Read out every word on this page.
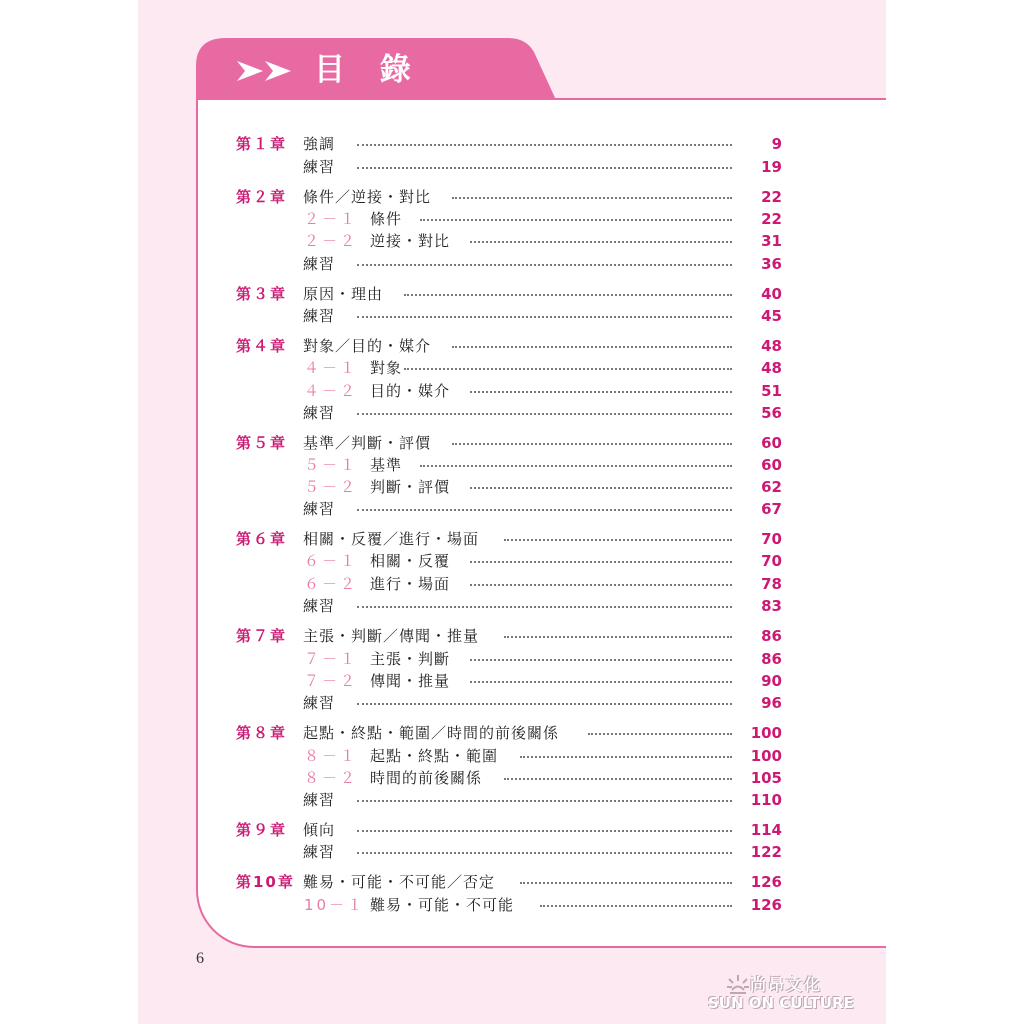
目 錄
第１章 強調	9
練習	19
第２章 條件／逆接・對比	22
２－１ 條件	22
２－２ 逆接・對比	31
練習	36
第３章 原因・理由	40
練習	45
第４章 對象／目的・媒介	48
４－１ 對象	48
４－２ 目的・媒介	51
練習	56
第５章 基準／判斷・評價	60
５－１ 基準	60
５－２ 判斷・評價	62
練習	67
第６章 相關・反覆／進行・場面	70
６－１ 相關・反覆	70
６－２ 進行・場面	78
練習	83
第７章 主張・判斷／傳聞・推量	86
７－１ 主張・判斷	86
７－２ 傳聞・推量	90
練習	96
第８章 起點・終點・範圍／時間的前後關係	100
８－１ 起點・終點・範圍	100
８－２ 時間的前後關係	105
練習	110
第９章 傾向	114
練習	122
第10章 難易・可能・不可能／否定	126
10－１ 難易・可能・不可能	126
6
尚昂文化
SUN ON CULTURE
